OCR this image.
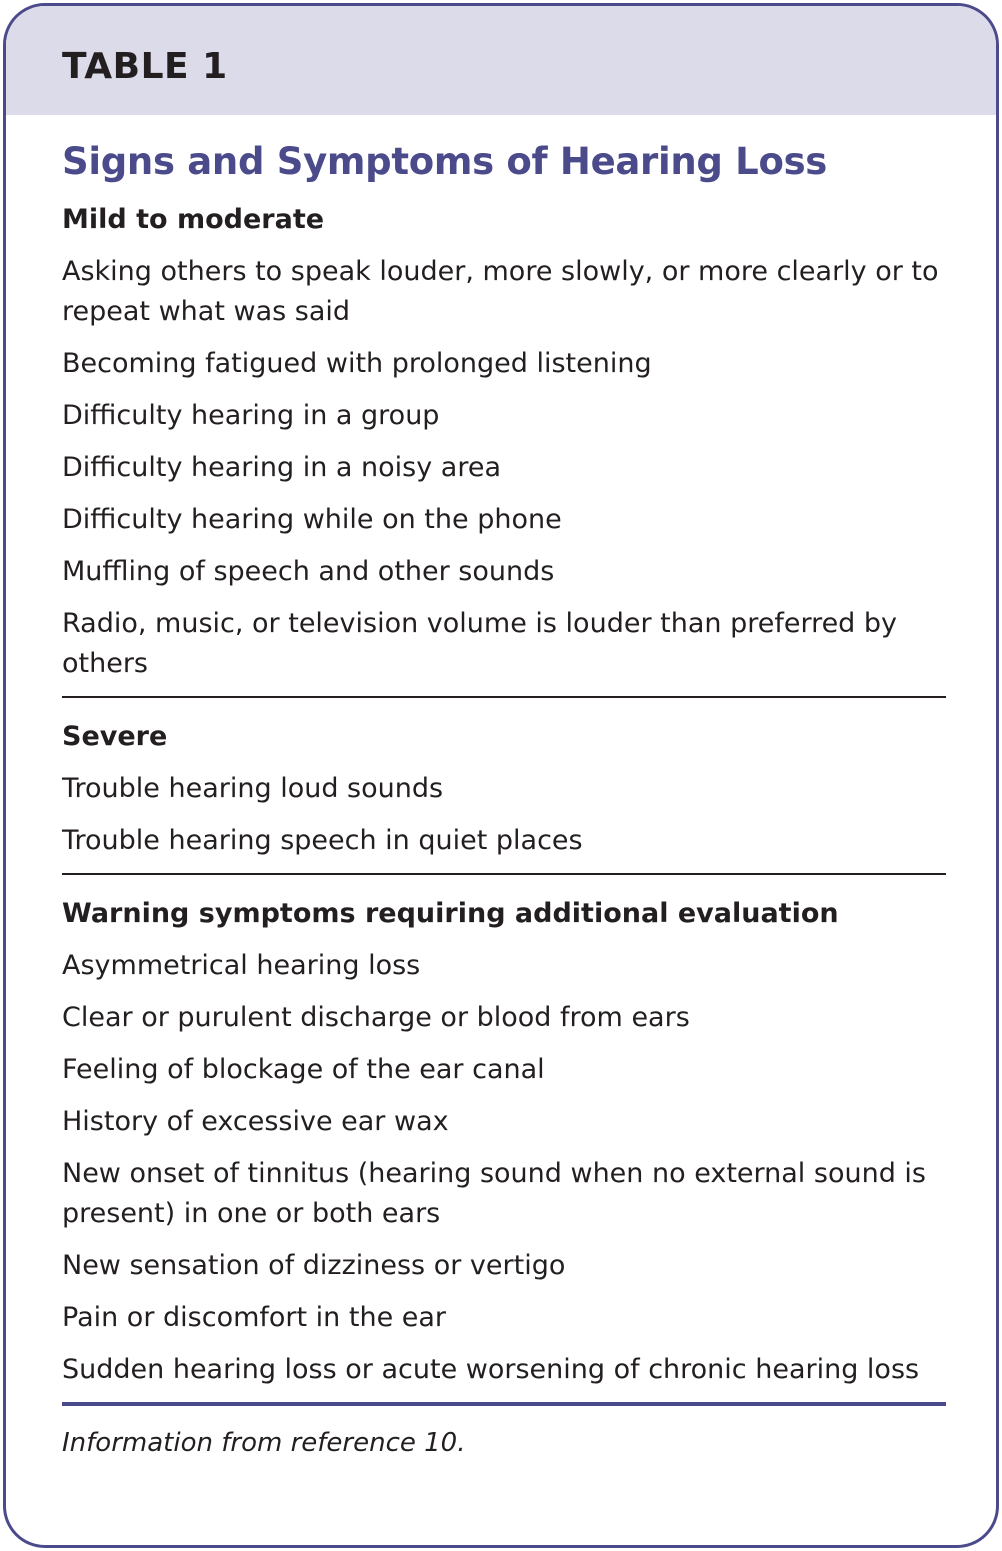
TABLE 1
Signs and Symptoms of Hearing Loss
Mild to moderate
Asking others to speak louder, more slowly, or more clearly or to repeat what was said
Becoming fatigued with prolonged listening
Difficulty hearing in a group
Difficulty hearing in a noisy area
Difficulty hearing while on the phone
Muffling of speech and other sounds
Radio, music, or television volume is louder than preferred by others
Severe
Trouble hearing loud sounds
Trouble hearing speech in quiet places
Warning symptoms requiring additional evaluation
Asymmetrical hearing loss
Clear or purulent discharge or blood from ears
Feeling of blockage of the ear canal
History of excessive ear wax
New onset of tinnitus (hearing sound when no external sound is present) in one or both ears
New sensation of dizziness or vertigo
Pain or discomfort in the ear
Sudden hearing loss or acute worsening of chronic hearing loss
Information from reference 10.
